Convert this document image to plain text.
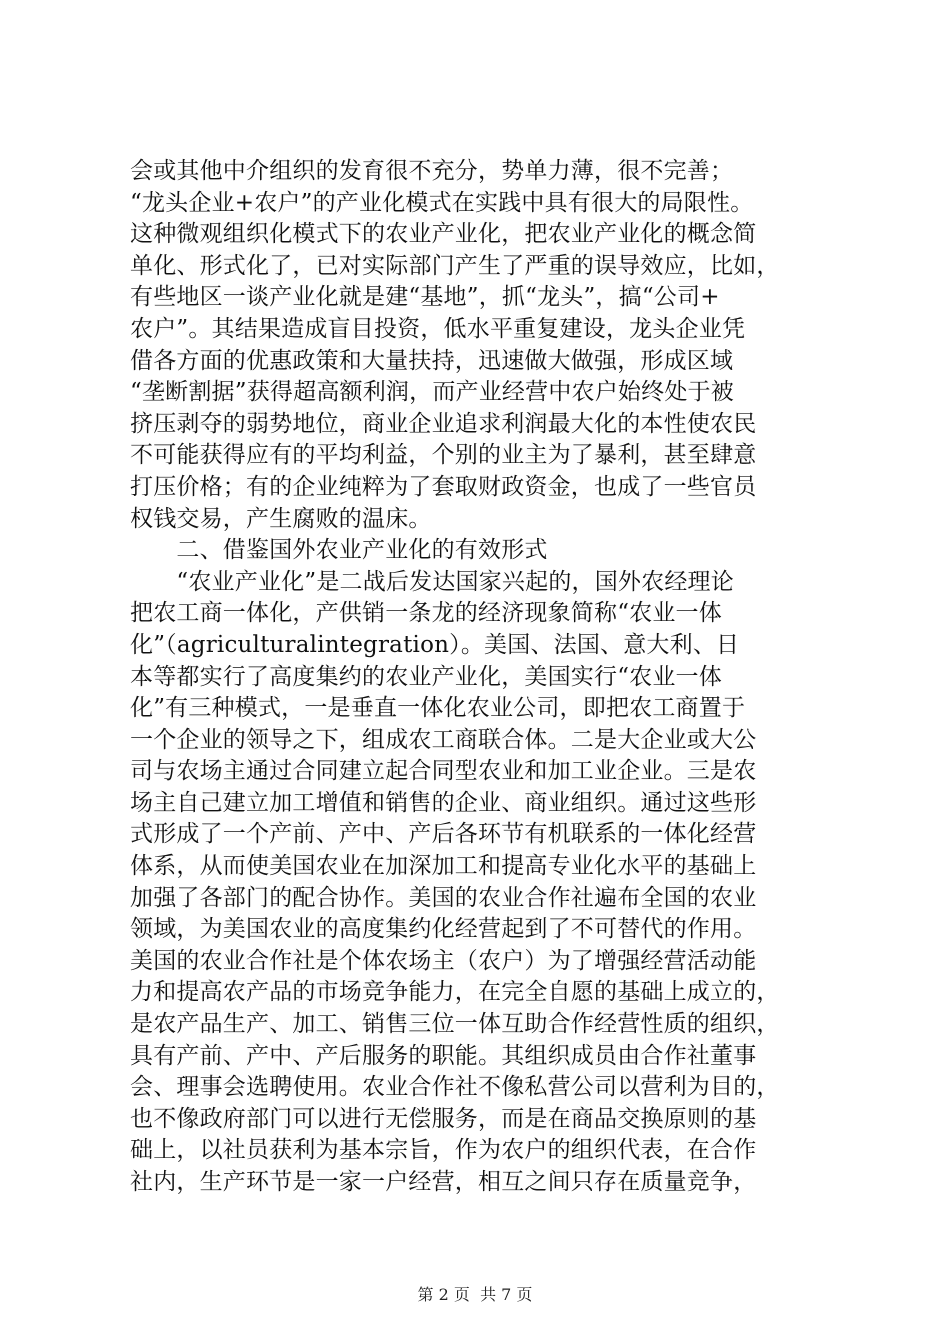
会或其他中介组织的发育很不充分，势单力薄，很不完善；
“龙头企业+农户”的产业化模式在实践中具有很大的局限性。
这种微观组织化模式下的农业产业化，把农业产业化的概念简
单化、形式化了，已对实际部门产生了严重的误导效应，比如，
有些地区一谈产业化就是建“基地”，抓“龙头”，搞“公司+
农户”。其结果造成盲目投资，低水平重复建设，龙头企业凭
借各方面的优惠政策和大量扶持，迅速做大做强，形成区域
“垄断割据”获得超高额利润，而产业经营中农户始终处于被
挤压剥夺的弱势地位，商业企业追求利润最大化的本性使农民
不可能获得应有的平均利益，个别的业主为了暴利，甚至肆意
打压价格；有的企业纯粹为了套取财政资金，也成了一些官员
权钱交易，产生腐败的温床。
　　二、借鉴国外农业产业化的有效形式
　　“农业产业化”是二战后发达国家兴起的，国外农经理论
把农工商一体化，产供销一条龙的经济现象简称“农业一体
化”（agriculturalintegration）。美国、法国、意大利、日
本等都实行了高度集约的农业产业化，美国实行“农业一体
化”有三种模式，一是垂直一体化农业公司，即把农工商置于
一个企业的领导之下，组成农工商联合体。二是大企业或大公
司与农场主通过合同建立起合同型农业和加工业企业。三是农
场主自己建立加工增值和销售的企业、商业组织。通过这些形
式形成了一个产前、产中、产后各环节有机联系的一体化经营
体系，从而使美国农业在加深加工和提高专业化水平的基础上
加强了各部门的配合协作。美国的农业合作社遍布全国的农业
领域，为美国农业的高度集约化经营起到了不可替代的作用。
美国的农业合作社是个体农场主（农户）为了增强经营活动能
力和提高农产品的市场竞争能力，在完全自愿的基础上成立的，
是农产品生产、加工、销售三位一体互助合作经营性质的组织，
具有产前、产中、产后服务的职能。其组织成员由合作社董事
会、理事会选聘使用。农业合作社不像私营公司以营利为目的，
也不像政府部门可以进行无偿服务，而是在商品交换原则的基
础上，以社员获利为基本宗旨，作为农户的组织代表，在合作
社内，生产环节是一家一户经营，相互之间只存在质量竞争，
第 2 页  共 7 页
